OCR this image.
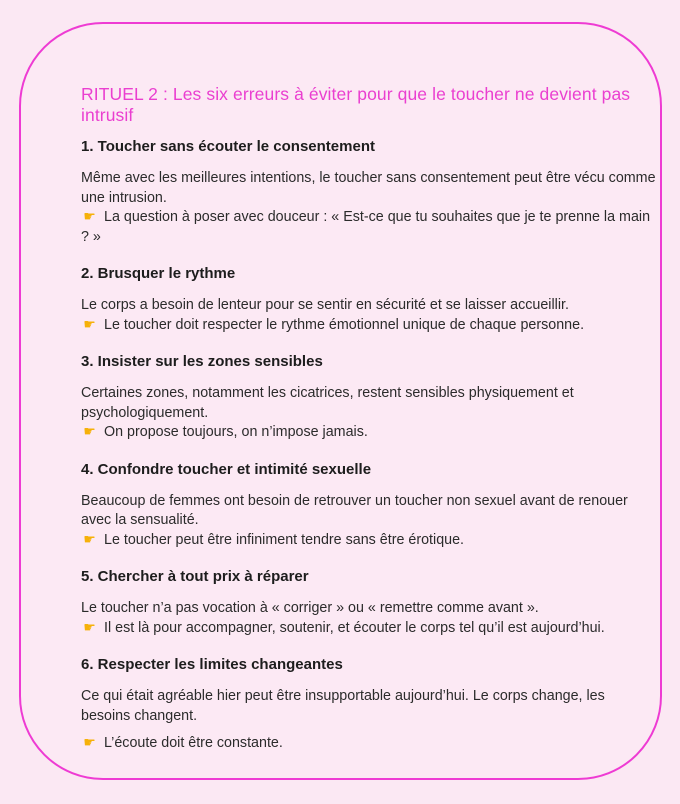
RITUEL 2 : Les six erreurs à éviter pour que le toucher ne devient pas intrusif
1. Toucher sans écouter le consentement

Même avec les meilleures intentions, le toucher sans consentement peut être vécu comme une intrusion.

☛ La question à poser avec douceur : « Est-ce que tu souhaites que je te prenne la main ? »

2. Brusquer le rythme

Le corps a besoin de lenteur pour se sentir en sécurité et se laisser accueillir.

☛ Le toucher doit respecter le rythme émotionnel unique de chaque personne.

3. Insister sur les zones sensibles

Certaines zones, notamment les cicatrices, restent sensibles physiquement et psychologiquement.

☛ On propose toujours, on n’impose jamais.

4. Confondre toucher et intimité sexuelle

Beaucoup de femmes ont besoin de retrouver un toucher non sexuel avant de renouer avec la sensualité.

☛ Le toucher peut être infiniment tendre sans être érotique.

5. Chercher à tout prix à réparer

Le toucher n’a pas vocation à « corriger » ou « remettre comme avant ».

☛ Il est là pour accompagner, soutenir, et écouter le corps tel qu’il est aujourd’hui.

6. Respecter les limites changeantes

Ce qui était agréable hier peut être insupportable aujourd’hui. Le corps change, les besoins changent.

☛ L’écoute doit être constante.
